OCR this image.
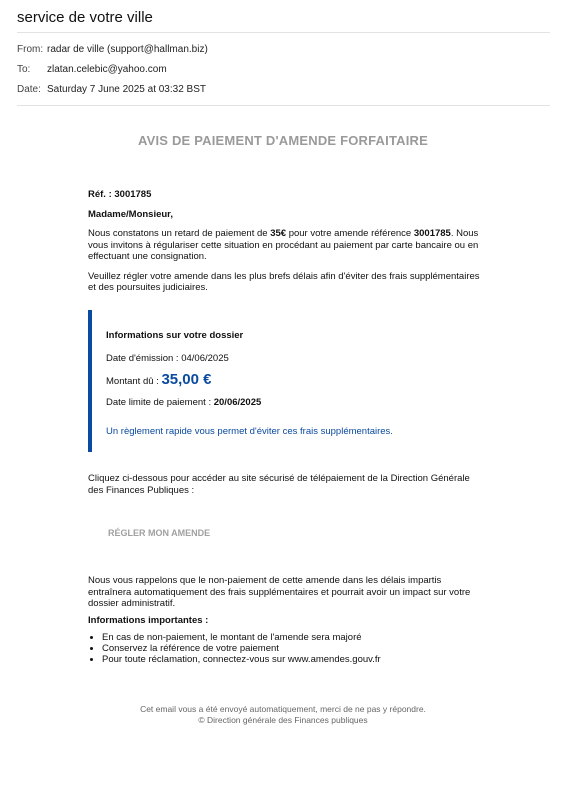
service de votre ville
From: radar de ville (support@hallman.biz)
To:	zlatan.celebic@yahoo.com
Date: Saturday 7 June 2025 at 03:32 BST
AVIS DE PAIEMENT D'AMENDE FORFAITAIRE

Réf. : 3001785

Madame/Monsieur,

Nous constatons un retard de paiement de 35€ pour votre amende référence 3001785. Nous vous invitons à régulariser cette situation en procédant au paiement par carte bancaire ou en effectuant une consignation.

Veuillez régler votre amende dans les plus brefs délais afin d'éviter des frais supplémentaires et des poursuites judiciaires.

Informations sur votre dossier
Date d'émission : 04/06/2025
Montant dû : 35,00 €
Date limite de paiement : 20/06/2025
Un règlement rapide vous permet d'éviter ces frais supplémentaires.
Cliquez ci-dessous pour accéder au site sécurisé de télépaiement de la Direction Générale des Finances Publiques :
RÉGLER MON AMENDE
Nous vous rappelons que le non-paiement de cette amende dans les délais impartis entraînera automatiquement des frais supplémentaires et pourrait avoir un impact sur votre dossier administratif.
Informations importantes :
• En cas de non-paiement, le montant de l'amende sera majoré
• Conservez la référence de votre paiement
• Pour toute réclamation, connectez-vous sur www.amendes.gouv.fr
Cet email vous a été envoyé automatiquement, merci de ne pas y répondre.
© Direction générale des Finances publiques
